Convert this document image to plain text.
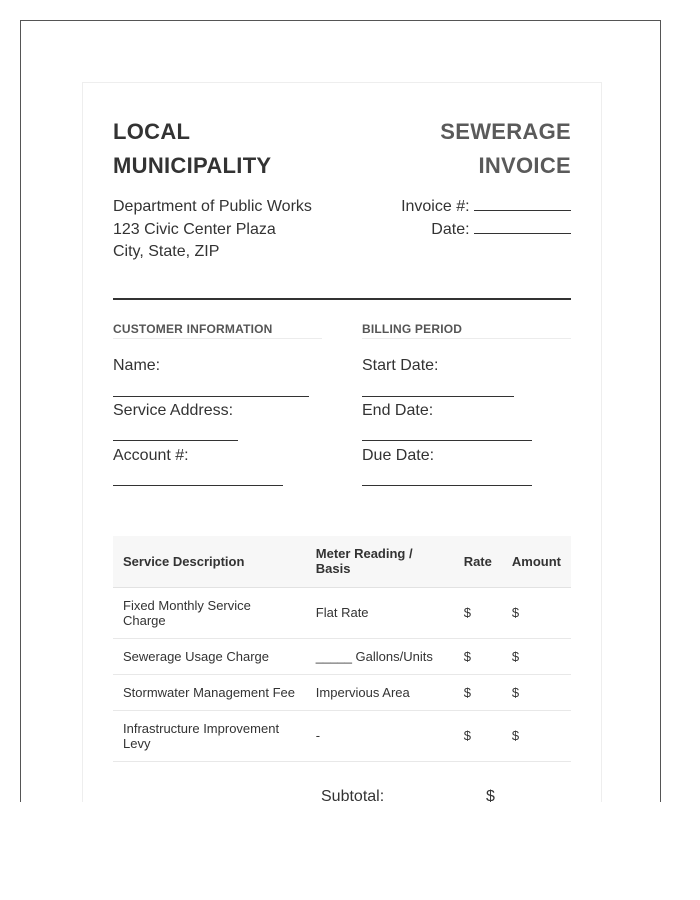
LOCAL
MUNICIPALITY
SEWERAGE
INVOICE
Department of Public Works
123 Civic Center Plaza
City, State, ZIP
Invoice #:
Date:
CUSTOMER INFORMATION
Name:
Service Address:
Account #:
BILLING PERIOD
Start Date:
End Date:
Due Date:
Service Description	Meter Reading / Basis	Rate	Amount
Fixed Monthly Service Charge	Flat Rate	$	$
Sewerage Usage Charge	_____ Gallons/Units	$	$
Stormwater Management Fee	Impervious Area	$	$
Infrastructure Improvement Levy	-	$	$
Subtotal:	$
